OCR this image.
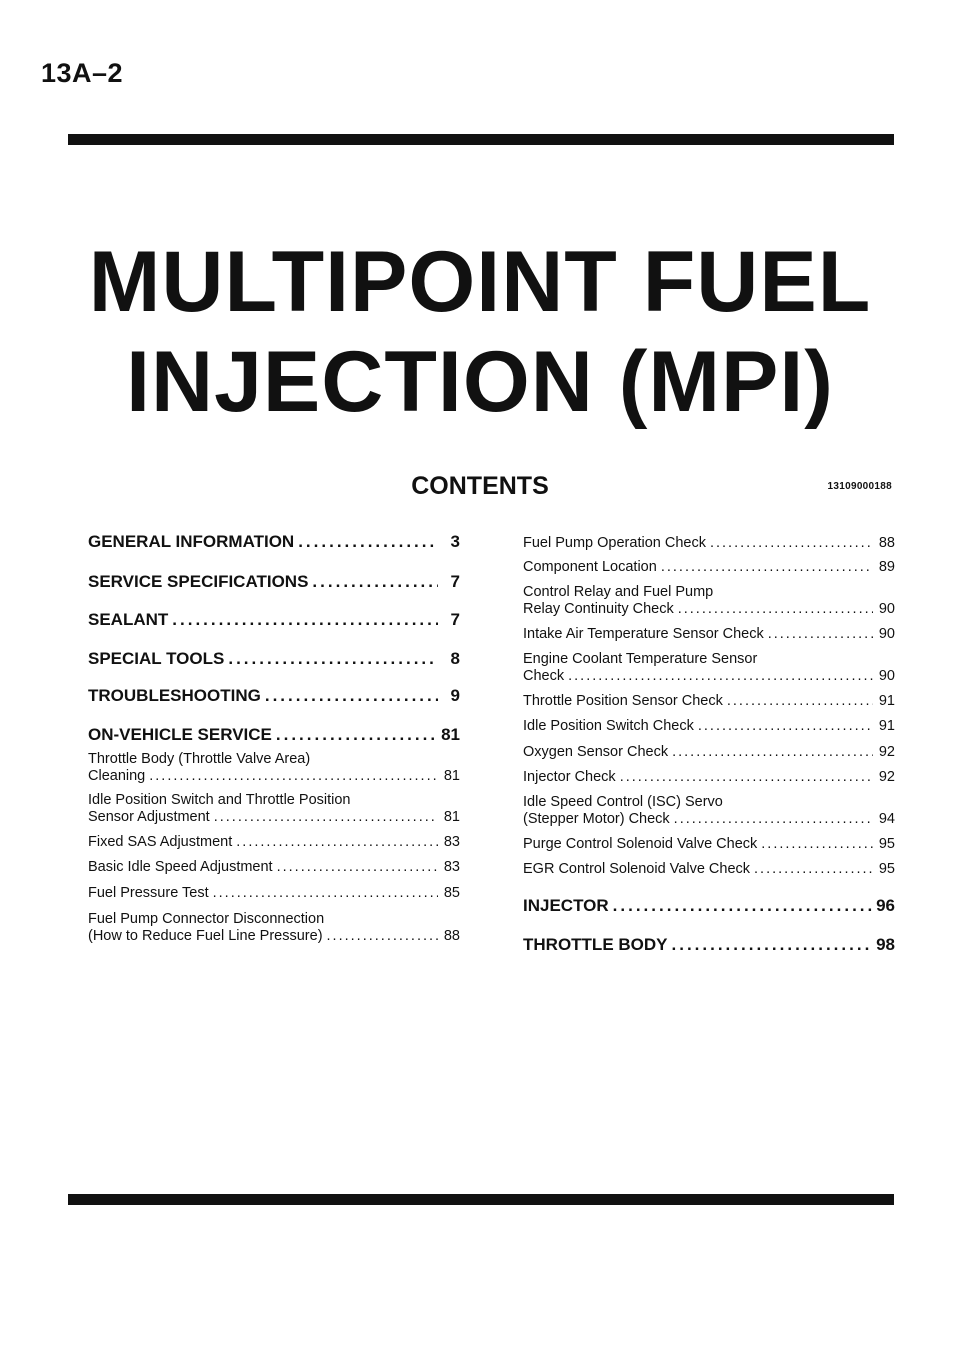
13A–2
MULTIPOINT FUEL
INJECTION (MPI)
CONTENTS	13109000188
GENERAL INFORMATION .....	3
SERVICE SPECIFICATIONS .....	7
SEALANT .....	7
SPECIAL TOOLS .....	8
TROUBLESHOOTING .....	9
ON-VEHICLE SERVICE .....	81
Throttle Body (Throttle Valve Area)
Cleaning .....	81
Idle Position Switch and Throttle Position
Sensor Adjustment .....	81
Fixed SAS Adjustment .....	83
Basic Idle Speed Adjustment .....	83
Fuel Pressure Test .....	85
Fuel Pump Connector Disconnection
(How to Reduce Fuel Line Pressure) .....	88
Fuel Pump Operation Check .....	88
Component Location .....	89
Control Relay and Fuel Pump
Relay Continuity Check .....	90
Intake Air Temperature Sensor Check .....	90
Engine Coolant Temperature Sensor
Check .....	90
Throttle Position Sensor Check .....	91
Idle Position Switch Check .....	91
Oxygen Sensor Check .....	92
Injector Check .....	92
Idle Speed Control (ISC) Servo
(Stepper Motor) Check .....	94
Purge Control Solenoid Valve Check .....	95
EGR Control Solenoid Valve Check .....	95
INJECTOR .....	96
THROTTLE BODY .....	98
